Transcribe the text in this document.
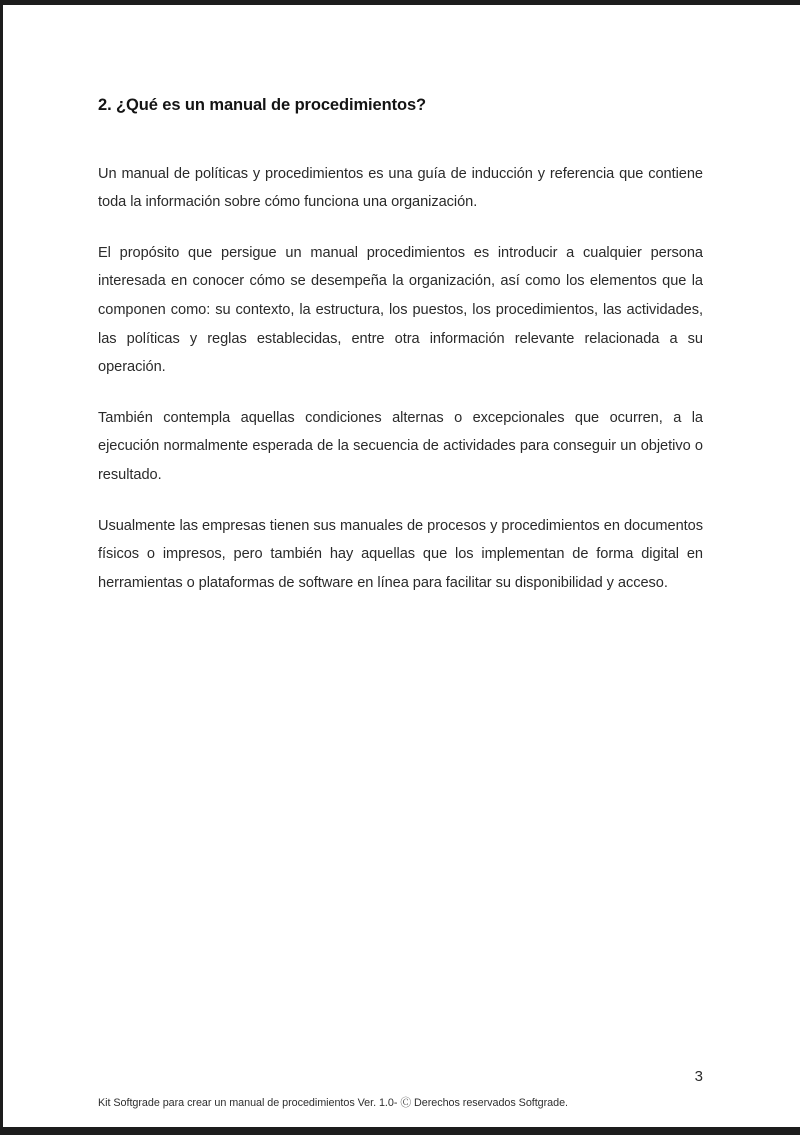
2. ¿Qué es un manual de procedimientos?

Un manual de políticas y procedimientos es una guía de inducción y referencia que contiene toda la información sobre cómo funciona una organización.

El propósito que persigue un manual procedimientos es introducir a cualquier persona interesada en conocer cómo se desempeña la organización, así como los elementos que la componen como: su contexto, la estructura, los puestos, los procedimientos, las actividades, las políticas y reglas establecidas, entre otra información relevante relacionada a su operación.

También contempla aquellas condiciones alternas o excepcionales que ocurren, a la ejecución normalmente esperada de la secuencia de actividades para conseguir un objetivo o resultado.

Usualmente las empresas tienen sus manuales de procesos y procedimientos en documentos físicos o impresos, pero también hay aquellas que los implementan de forma digital en herramientas o plataformas de software en línea para facilitar su disponibilidad y acceso.

3
Kit Softgrade para crear un manual de procedimientos Ver. 1.0- Ⓒ Derechos reservados Softgrade.
